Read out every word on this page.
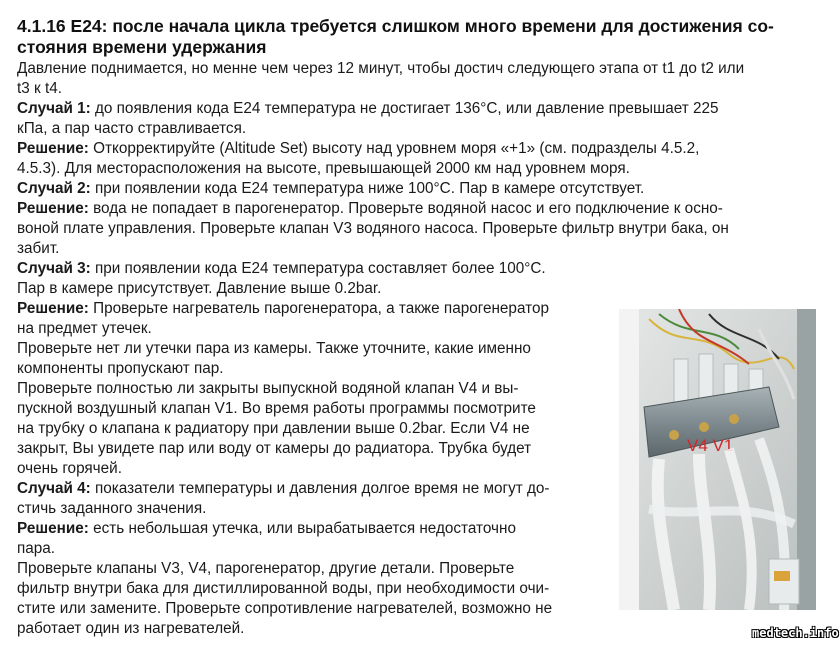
4.1.16 E24: после начала цикла требуется слишком много времени для достижения со-
стояния времени удержания
Давление поднимается, но менне чем через 12 минут, чтобы достич следующего этапа от t1 до t2 или
t3 к t4.
Случай 1: до появления кода E24 температура не достигает 136°C, или давление превышает 225
кПа, а пар часто стравливается.
Решение: Откорректируйте (Altitude Set) высоту над уровнем моря «+1» (см. подразделы 4.5.2,
4.5.3). Для месторасположения на высоте, превышающей 2000 км над уровнем моря.
Случай 2: при появлении кода E24 температура ниже 100°C. Пар в камере отсутствует.
Решение: вода не попадает в парогенератор. Проверьте водяной насос и его подключение к осно-
воной плате управления. Проверьте клапан V3 водяного насоса. Проверьте фильтр внутри бака, он
забит.
Случай 3: при появлении кода E24 температура составляет более 100°C.
Пар в камере присутствует. Давление выше 0.2bar.
Решение: Проверьте нагреватель парогенератора, а также парогенератор
на предмет утечек.
Проверьте нет ли утечки пара из камеры. Также уточните, какие именно
компоненты пропускают пар.
Проверьте полностью ли закрыты выпускной водяной клапан V4 и вы-
пускной воздушный клапан V1. Во время работы программы посмотрите
на трубку о клапана к радиатору при давлении выше 0.2bar. Если V4 не
закрыт, Вы увидете пар или воду от камеры до радиатора. Трубка будет
очень горячей.
Случай 4: показатели температуры и давления долгое время не могут до-
стичь заданного значения.
Решение: есть небольшая утечка, или вырабатывается недостаточно
пара.
Проверьте клапаны V3, V4, парогенератор, другие детали. Проверьте
фильтр внутри бака для дистиллированной воды, при необходимости очи-
стите или замените. Проверьте сопротивление нагревателей, возможно не
работает один из нагревателей.
V4 V1
medtech.info
